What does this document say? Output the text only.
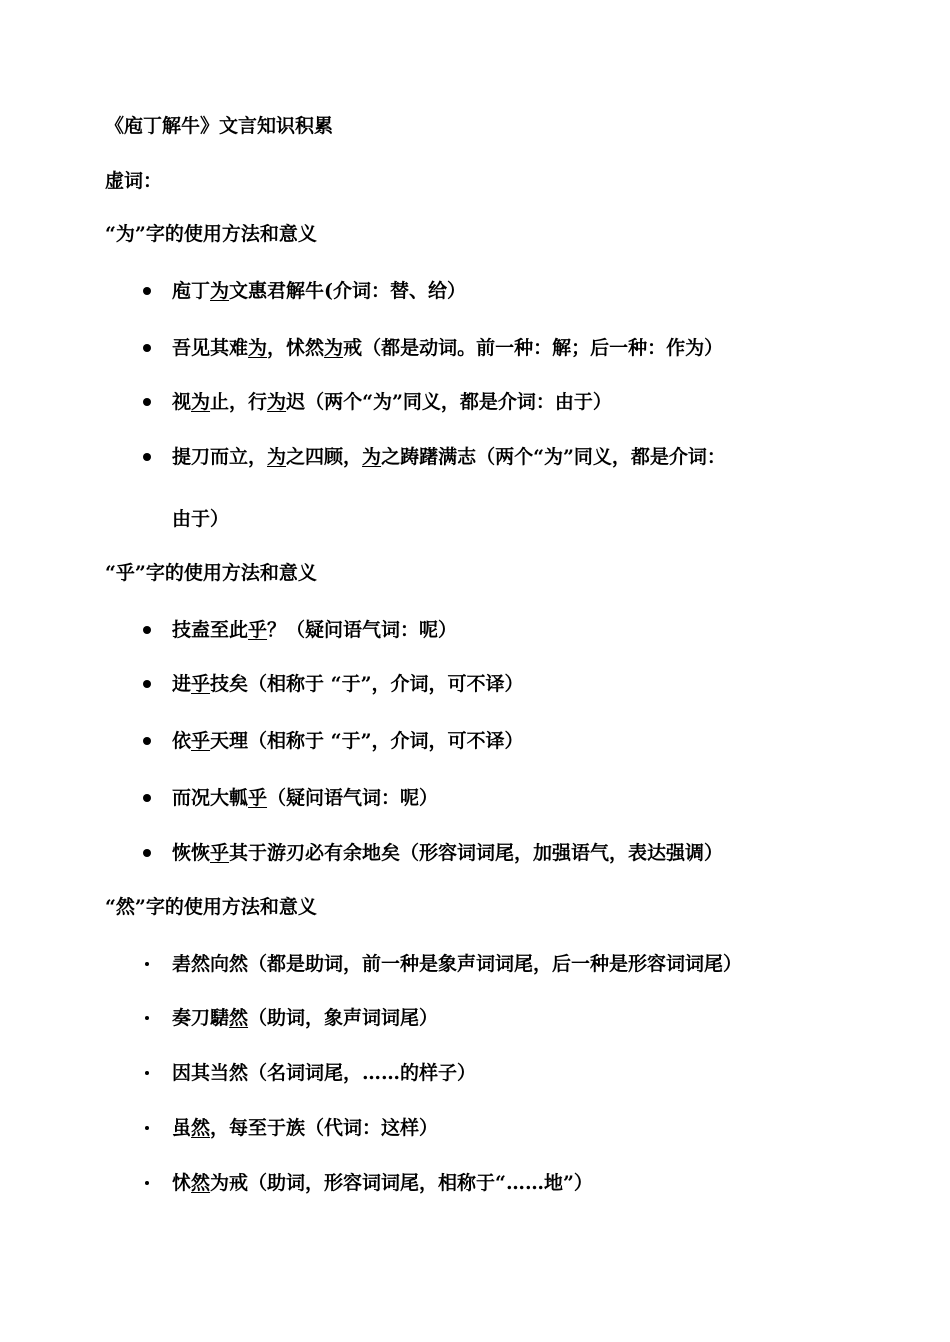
《庖丁解牛》文言知识积累
虚词：
“为”字的使用方法和意义
庖丁为文惠君解牛(介词：替、给）
吾见其难为，怵然为戒（都是动词。前一种：解；后一种：作为）
视为止，行为迟（两个“为”同义，都是介词：由于）
提刀而立，为之四顾，为之踌躇满志（两个“为”同义，都是介词：
由于）
“乎”字的使用方法和意义
技盍至此乎？（疑问语气词：呢）
进乎技矣（相称于 “于”，介词，可不译）
依乎天理（相称于 “于”，介词，可不译）
而况大軱乎（疑问语气词：呢）
恢恢乎其于游刃必有余地矣（形容词词尾，加强语气，表达强调）
“然”字的使用方法和意义
砉然向然（都是助词，前一种是象声词词尾，后一种是形容词词尾）
奏刀騞然（助词，象声词词尾）
因其当然（名词词尾，……的样子）
虽然，每至于族（代词：这样）
怵然为戒（助词，形容词词尾，相称于“……地”）
